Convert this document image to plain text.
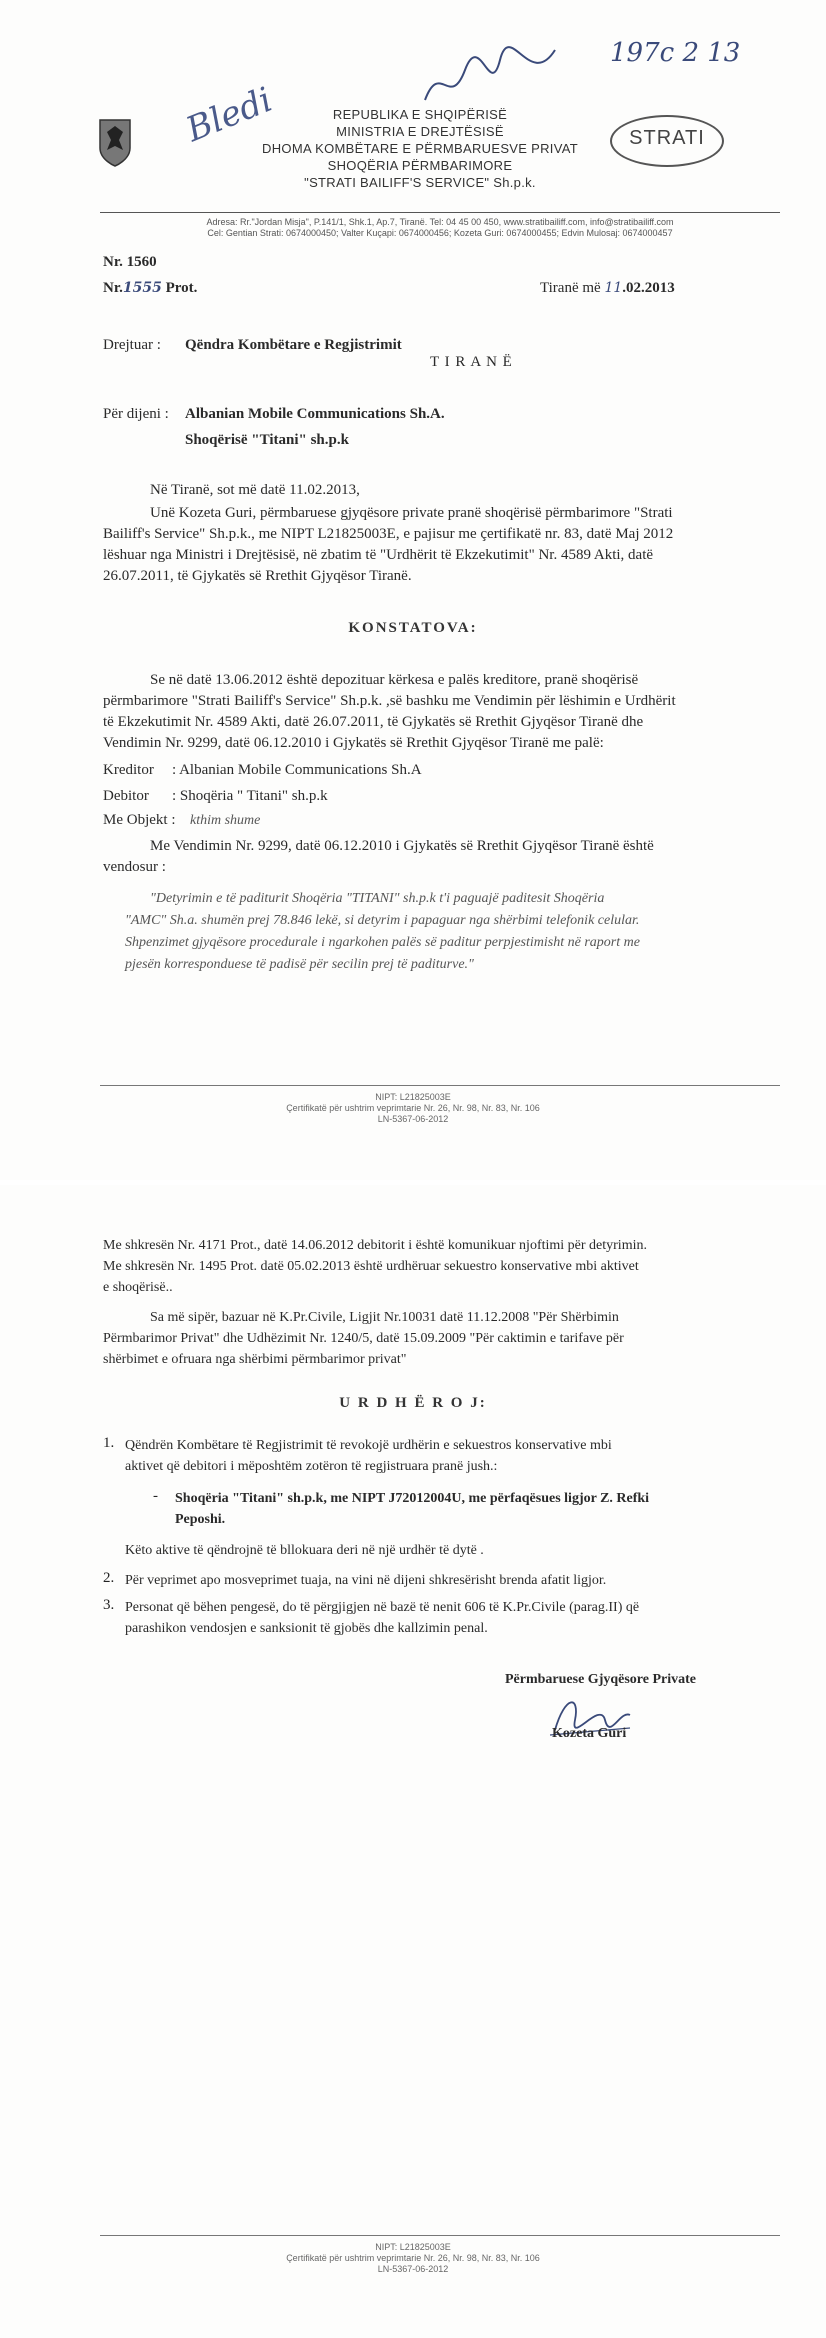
197c 2 13
Bledi	REPUBLIKA E SHQIPËRISË
MINISTRIA E DREJTËSISË
DHOMA KOMBËTARE E PËRMBARUESVE PRIVAT
SHOQËRIA PËRMBARIMORE
"STRATI BAILIFF'S SERVICE" Sh.p.k.
STRATI
Adresa: Rr."Jordan Misja", P.141/1, Shk.1, Ap.7, Tiranë. Tel: 04 45 00 450, www.stratibailiff.com, info@stratibailiff.com
Cel: Gentian Strati: 0674000450; Valter Kuçapi: 0674000456; Kozeta Guri: 0674000455; Edvin Mulosaj: 0674000457
Nr. 1560
Nr.1555 Prot.	Tiranë më 11.02.2013
Drejtuar : Qëndra Kombëtare e Regjistrimit
T I R A N Ë
Për dijeni : Albanian Mobile Communications Sh.A.
Shoqërisë "Titani" sh.p.k
Në Tiranë, sot më datë 11.02.2013,
Unë Kozeta Guri, përmbaruese gjyqësore private pranë shoqërisë përmbarimore "Strati
Bailiff's Service" Sh.p.k., me NIPT L21825003E, e pajisur me çertifikatë nr. 83, datë Maj 2012
lëshuar nga Ministri i Drejtësisë, në zbatim të "Urdhërit të Ekzekutimit" Nr. 4589 Akti, datë
26.07.2011, të Gjykatës së Rrethit Gjyqësor Tiranë.
KONSTATOVA:
Se në datë 13.06.2012 është depozituar kërkesa e palës kreditore, pranë shoqërisë
përmbarimore "Strati Bailiff's Service" Sh.p.k. ,së bashku me Vendimin për lëshimin e Urdhërit
të Ekzekutimit Nr. 4589 Akti, datë 26.07.2011, të Gjykatës së Rrethit Gjyqësor Tiranë dhe
Vendimin Nr. 9299, datë 06.12.2010 i Gjykatës së Rrethit Gjyqësor Tiranë me palë:
Kreditor : Albanian Mobile Communications Sh.A
Debitor : Shoqëria " Titani" sh.p.k
Me Objekt : kthim shume
Me Vendimin Nr. 9299, datë 06.12.2010 i Gjykatës së Rrethit Gjyqësor Tiranë është
vendosur :
"Detyrimin e të paditurit Shoqëria "TITANI" sh.p.k t'i paguajë paditesit Shoqëria
"AMC" Sh.a. shumën prej 78.846 lekë, si detyrim i papaguar nga shërbimi telefonik celular.
Shpenzimet gjyqësore procedurale i ngarkohen palës së paditur perpjestimisht në raport me
pjesën korresponduese të padisë për secilin prej të paditurve."
NIPT: L21825003E
Çertifikatë për ushtrim veprimtarie Nr. 26, Nr. 98, Nr. 83, Nr. 106
LN-5367-06-2012
Me shkresën Nr. 4171 Prot., datë 14.06.2012 debitorit i është komunikuar njoftimi për detyrimin.
Me shkresën Nr. 1495 Prot. datë 05.02.2013 është urdhëruar sekuestro konservative mbi aktivet
e shoqërisë..
Sa më sipër, bazuar në K.Pr.Civile, Ligjit Nr.10031 datë 11.12.2008 "Për Shërbimin
Përmbarimor Privat" dhe Udhëzimit Nr. 1240/5, datë 15.09.2009 "Për caktimin e tarifave për
shërbimet e ofruara nga shërbimi përmbarimor privat"
U R D H Ë R O J:
1. Qëndrën Kombëtare të Regjistrimit të revokojë urdhërin e sekuestros konservative mbi
aktivet që debitori i mëposhtëm zotëron të regjistruara pranë jush.:
- Shoqëria "Titani" sh.p.k, me NIPT J72012004U, me përfaqësues ligjor Z. Refki
Peposhi.
Këto aktive të qëndrojnë të bllokuara deri në një urdhër të dytë .
2. Për veprimet apo mosveprimet tuaja, na vini në dijeni shkresërisht brenda afatit ligjor.
3. Personat që bëhen pengesë, do të përgjigjen në bazë të nenit 606 të K.Pr.Civile (parag.II) që
parashikon vendosjen e sanksionit të gjobës dhe kallzimin penal.
Përmbaruese Gjyqësore Private
Kozeta Guri
NIPT: L21825003E
Çertifikatë për ushtrim veprimtarie Nr. 26, Nr. 98, Nr. 83, Nr. 106
LN-5367-06-2012
